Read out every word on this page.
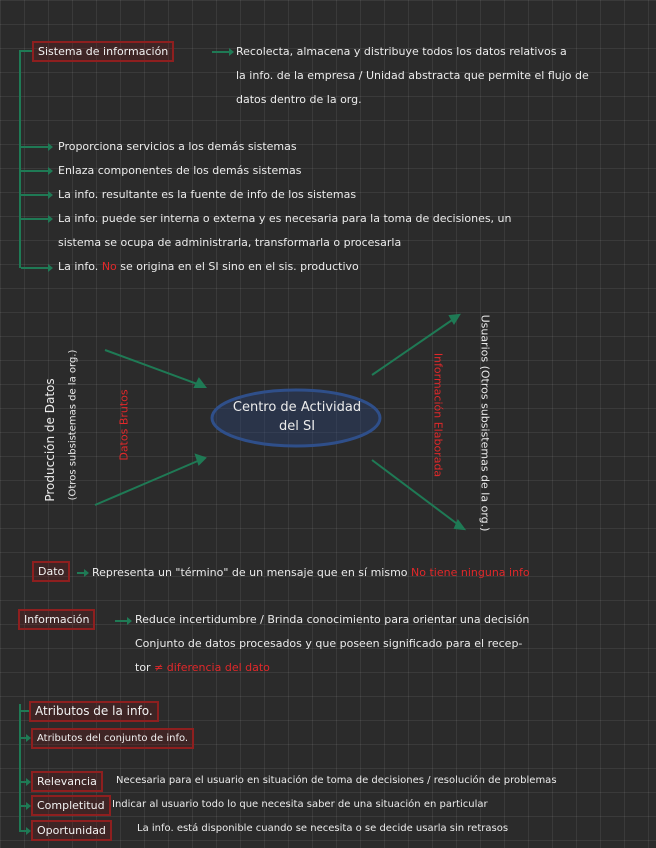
Sistema de información	Recolecta, almacena y distribuye todos los datos relativos a
la info. de la empresa / Unidad abstracta que permite el flujo de
datos dentro de la org.
Proporciona servicios a los demás sistemas
Enlaza componentes de los demás sistemas
La info. resultante es la fuente de info de los sistemas
La info. puede ser interna o externa y es necesaria para la toma de decisiones, un
sistema se ocupa de administrarla, transformarla o procesarla
La info. No se origina en el SI sino en el sis. productivo
Centro de Actividad
del SI
Producción de Datos (Otros subsistemas de la org.)	Datos Brutos	Información Elaborada	Usuarios (Otros subsistemas de la org.)
Dato	Representa un "término" de un mensaje que en sí mismo No tiene ninguna info
Información	Reduce incertidumbre / Brinda conocimiento para orientar una decisión
Conjunto de datos procesados y que poseen significado para el recep-
tor ≠ diferencia del dato
Atributos de la info.
Atributos del conjunto de info.
Relevancia	Necesaria para el usuario en situación de toma de decisiones / resolución de problemas
Completitud Indicar al usuario todo lo que necesita saber de una situación en particular
Oportunidad	La info. está disponible cuando se necesita o se decide usarla sin retrasos
